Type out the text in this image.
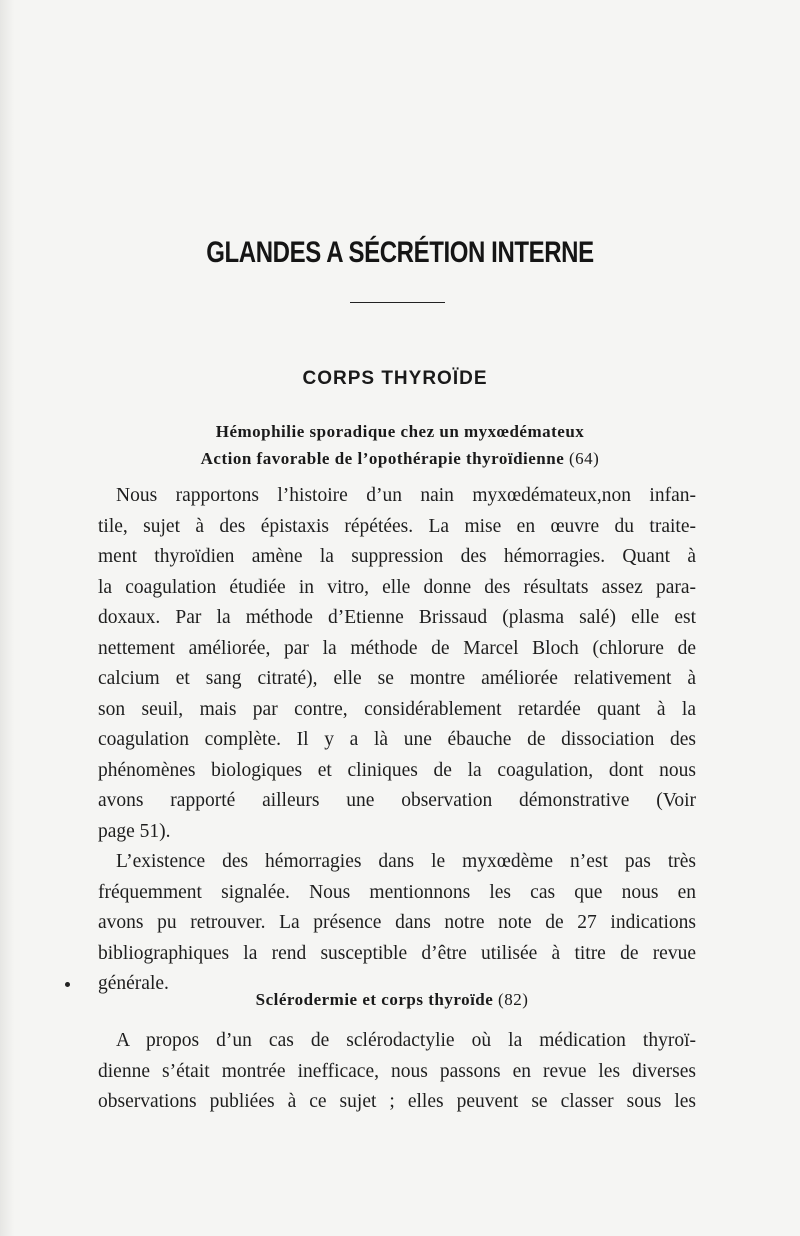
GLANDES A SÉCRÉTION INTERNE
CORPS THYROÏDE
Hémophilie sporadique chez un myxœdémateux
Action favorable de l’opothérapie thyroïdienne (64)
Nous rapportons l’histoire d’un nain myxœdémateux,non infan-
tile, sujet à des épistaxis répétées. La mise en œuvre du traite-
ment thyroïdien amène la suppression des hémorragies. Quant à
la coagulation étudiée in vitro, elle donne des résultats assez para-
doxaux. Par la méthode d’Etienne Brissaud (plasma salé) elle est
nettement améliorée, par la méthode de Marcel Bloch (chlorure de
calcium et sang citraté), elle se montre améliorée relativement à
son seuil, mais par contre, considérablement retardée quant à la
coagulation complète. Il y a là une ébauche de dissociation des
phénomènes biologiques et cliniques de la coagulation, dont nous
avons rapporté ailleurs une observation démonstrative (Voir
page 51).
L’existence des hémorragies dans le myxœdème n’est pas très
fréquemment signalée. Nous mentionnons les cas que nous en
avons pu retrouver. La présence dans notre note de 27 indications
bibliographiques la rend susceptible d’être utilisée à titre de revue
générale.
Sclérodermie et corps thyroïde (82)
A propos d’un cas de sclérodactylie où la médication thyroï-
dienne s’était montrée inefficace, nous passons en revue les diverses
observations publiées à ce sujet ; elles peuvent se classer sous les
